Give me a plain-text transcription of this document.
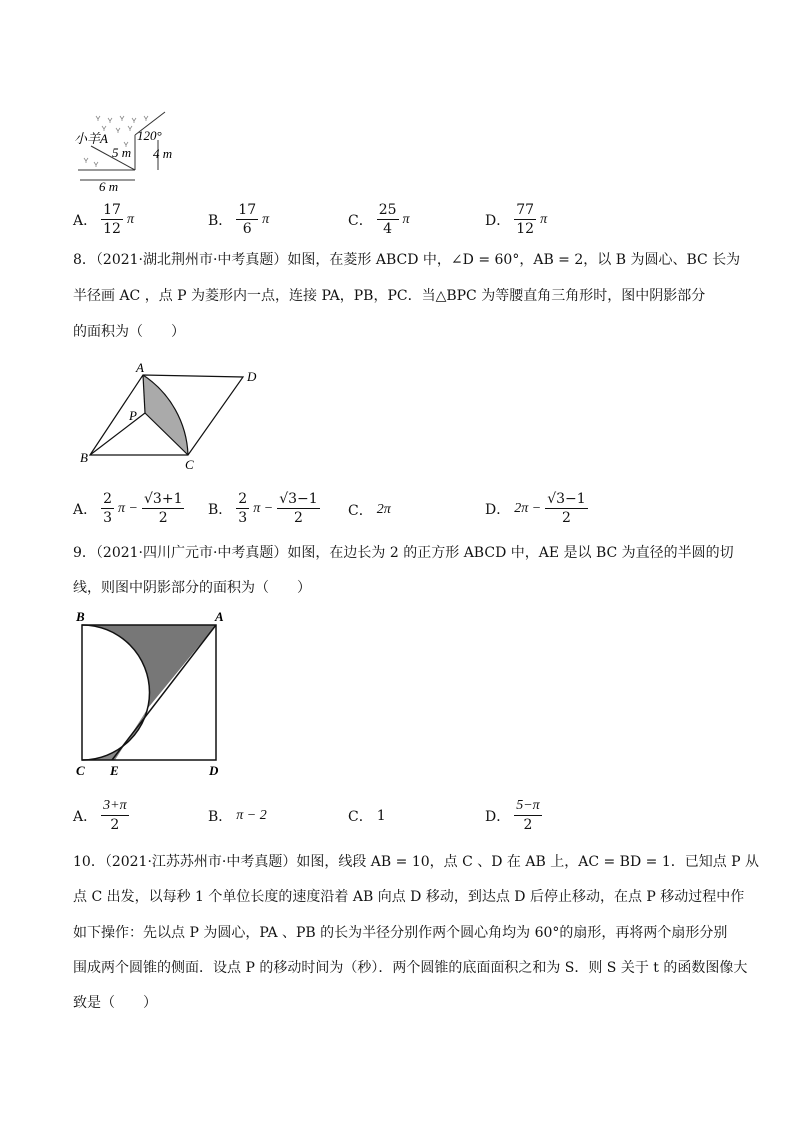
小羊A
5 m
120°
4 m
6 m
A． $\frac{17}{12}$ π	B． $\frac{17}{6}$ π	C． $\frac{25}{4}$ π	D． $\frac{77}{12}$ π
8．（2021·湖北荆州市·中考真题）如图，在菱形 ABCD 中，∠D = 60°，AB = 2，以 B 为圆心、BC 长为
半径画 AC ，点 P 为菱形内一点，连接 PA，PB，PC．当△BPC 为等腰直角三角形时，图中阴影部分
的面积为（　　）
A
D
B	C
P
A． $\frac{2}{3}$ $\pi - \frac{√3+1}{2}$ B． $\frac{2}{3}$ $\pi - \frac{√3-1}{2}$ C． 2π	D． $2\pi - \frac{√3-1}{2}$
9．（2021·四川广元市·中考真题）如图，在边长为 2 的正方形 ABCD 中，AE 是以 BC 为直径的半圆的切
线，则图中阴影部分的面积为（　　）
B	A
C E	D
A． $\frac{3+\pi}{2}$	B． π − 2	C． 1	D． $\frac{5-\pi}{2}$
10．（2021·江苏苏州市·中考真题）如图，线段 AB = 10，点 C 、D 在 AB 上，AC = BD = 1．已知点 P 从
点 C 出发，以每秒 1 个单位长度的速度沿着 AB 向点 D 移动，到达点 D 后停止移动，在点 P 移动过程中作
如下操作：先以点 P 为圆心，PA 、PB 的长为半径分别作两个圆心角均为 60°的扇形，再将两个扇形分别
围成两个圆锥的侧面．设点 P 的移动时间为（秒）．两个圆锥的底面面积之和为 S．则 S 关于 t 的函数图像大
致是（　　）
